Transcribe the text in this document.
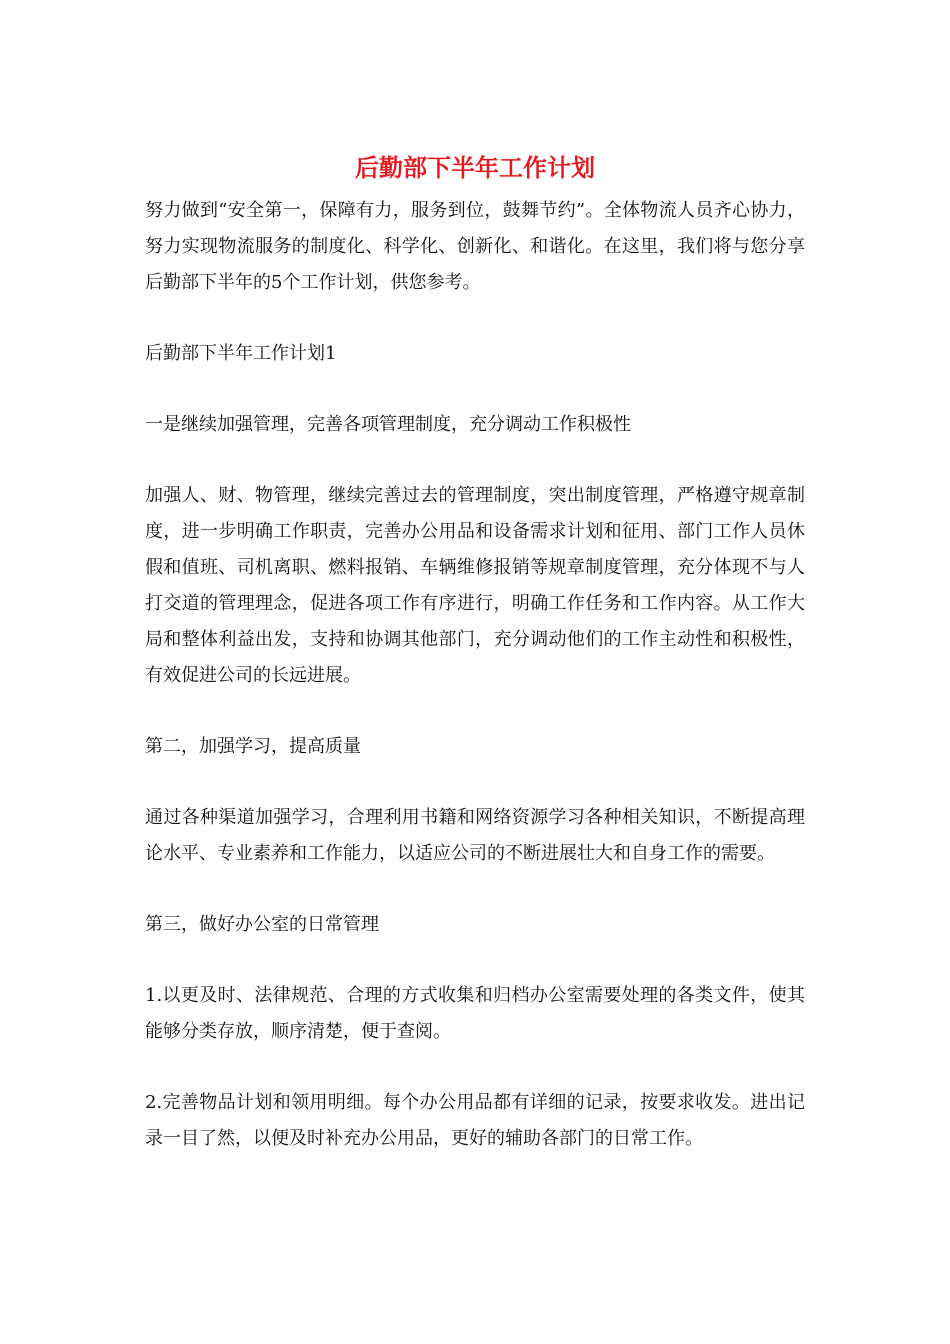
后勤部下半年工作计划

努力做到“安全第一，保障有力，服务到位，鼓舞节约”。全体物流人员齐心协力，努力实现物流服务的制度化、科学化、创新化、和谐化。在这里，我们将与您分享后勤部下半年的5个工作计划，供您参考。

后勤部下半年工作计划1

一是继续加强管理，完善各项管理制度，充分调动工作积极性

加强人、财、物管理，继续完善过去的管理制度，突出制度管理，严格遵守规章制度，进一步明确工作职责，完善办公用品和设备需求计划和征用、部门工作人员休假和值班、司机离职、燃料报销、车辆维修报销等规章制度管理，充分体现不与人打交道的管理理念，促进各项工作有序进行，明确工作任务和工作内容。从工作大局和整体利益出发，支持和协调其他部门，充分调动他们的工作主动性和积极性，有效促进公司的长远进展。

第二，加强学习，提高质量

通过各种渠道加强学习，合理利用书籍和网络资源学习各种相关知识，不断提高理论水平、专业素养和工作能力，以适应公司的不断进展壮大和自身工作的需要。

第三，做好办公室的日常管理

1.以更及时、法律规范、合理的方式收集和归档办公室需要处理的各类文件，使其能够分类存放，顺序清楚，便于查阅。

2.完善物品计划和领用明细。每个办公用品都有详细的记录，按要求收发。进出记录一目了然，以便及时补充办公用品，更好的辅助各部门的日常工作。
